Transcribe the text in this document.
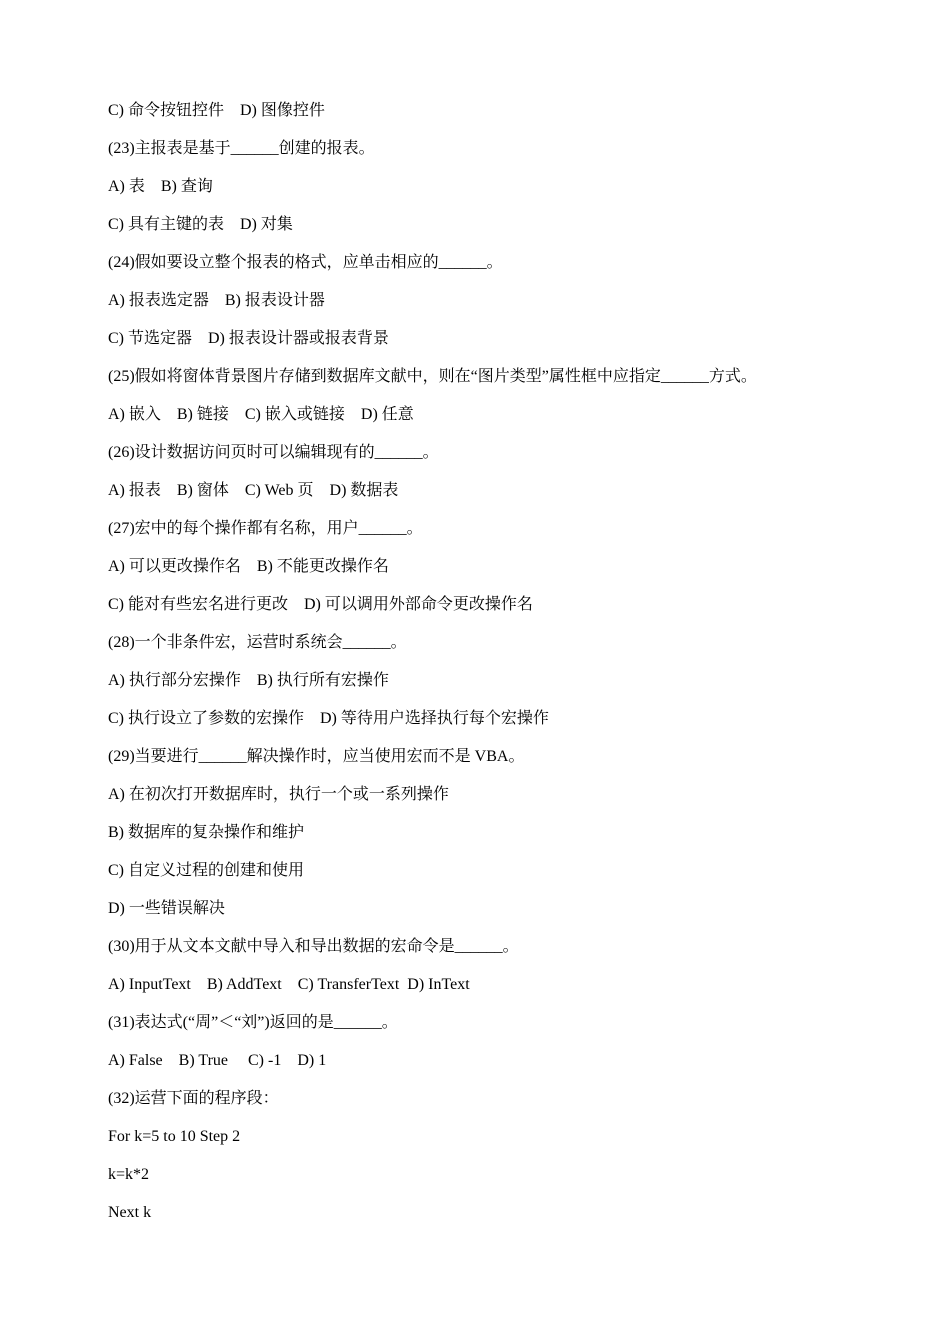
C) 命令按钮控件    D) 图像控件
(23)主报表是基于______创建的报表。
A) 表    B) 查询
C) 具有主键的表    D) 对集
(24)假如要设立整个报表的格式，应单击相应的______。
A) 报表选定器    B) 报表设计器
C) 节选定器    D) 报表设计器或报表背景
(25)假如将窗体背景图片存储到数据库文献中，则在“图片类型”属性框中应指定______方式。
A) 嵌入    B) 链接    C) 嵌入或链接    D) 任意
(26)设计数据访问页时可以编辑现有的______。
A) 报表    B) 窗体    C) Web 页    D) 数据表
(27)宏中的每个操作都有名称，用户______。
A) 可以更改操作名    B) 不能更改操作名
C) 能对有些宏名进行更改    D) 可以调用外部命令更改操作名
(28)一个非条件宏，运营时系统会______。
A) 执行部分宏操作    B) 执行所有宏操作
C) 执行设立了参数的宏操作    D) 等待用户选择执行每个宏操作
(29)当要进行______解决操作时，应当使用宏而不是 VBA。
A) 在初次打开数据库时，执行一个或一系列操作
B) 数据库的复杂操作和维护
C) 自定义过程的创建和使用
D) 一些错误解决
(30)用于从文本文献中导入和导出数据的宏命令是______。
A) InputText    B) AddText    C) TransferText  D) InText
(31)表达式(“周”＜“刘”)返回的是______。
A) False    B) True     C) -1    D) 1
(32)运营下面的程序段：
For k=5 to 10 Step 2
k=k*2
Next k
